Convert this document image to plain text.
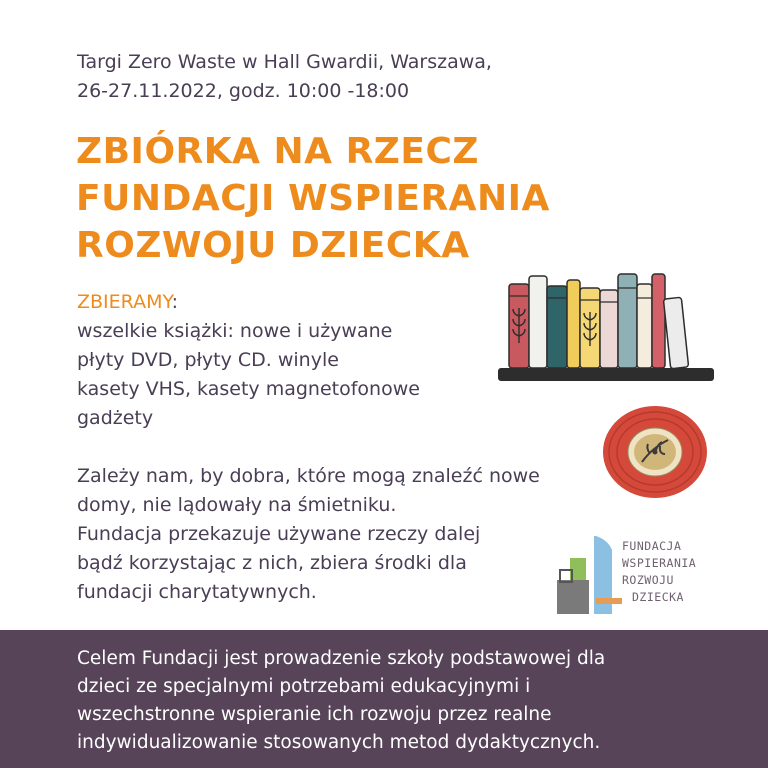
Targi Zero Waste w Hall Gwardii, Warszawa,
26-27.11.2022, godz. 10:00 -18:00
ZBIÓRKA NA RZECZ
FUNDACJI WSPIERANIA
ROZWOJU DZIECKA
ZBIERAMY:
wszelkie książki: nowe i używane
płyty DVD, płyty CD. winyle
kasety VHS, kasety magnetofonowe
gadżety
Zależy nam, by dobra, które mogą znaleźć nowe
domy, nie lądowały na śmietniku.
Fundacja przekazuje używane rzeczy dalej
bądź korzystając z nich, zbiera środki dla
fundacji charytatywnych.
FUNDACJA
WSPIERANIA
ROZWOJU
DZIECKA
Celem Fundacji jest prowadzenie szkoły podstawowej dla
dzieci ze specjalnymi potrzebami edukacyjnymi i
wszechstronne wspieranie ich rozwoju przez realne
indywidualizowanie stosowanych metod dydaktycznych.
